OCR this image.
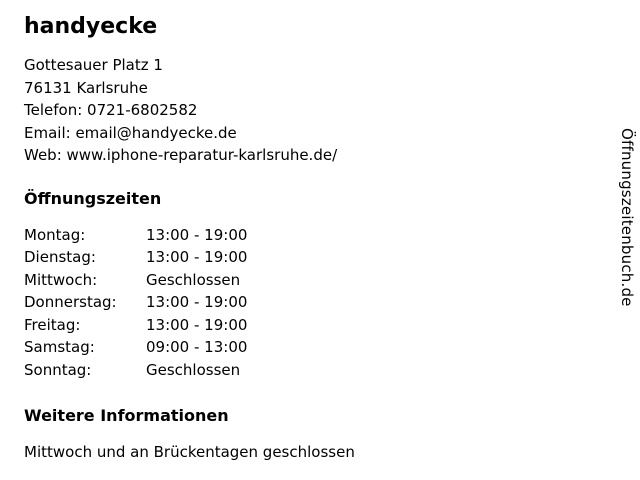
handyecke
Gottesauer Platz 1
76131 Karlsruhe
Telefon: 0721-6802582
Email: email@handyecke.de
Web: www.iphone-reparatur-karlsruhe.de/
Öffnungszeiten
Montag:	13:00 - 19:00
Dienstag:	13:00 - 19:00
Mittwoch:	Geschlossen
Donnerstag:	13:00 - 19:00
Freitag:	13:00 - 19:00
Samstag:	09:00 - 13:00
Sonntag:	Geschlossen
Weitere Informationen
Mittwoch und an Brückentagen geschlossen
Öffnungszeitenbuch.de
